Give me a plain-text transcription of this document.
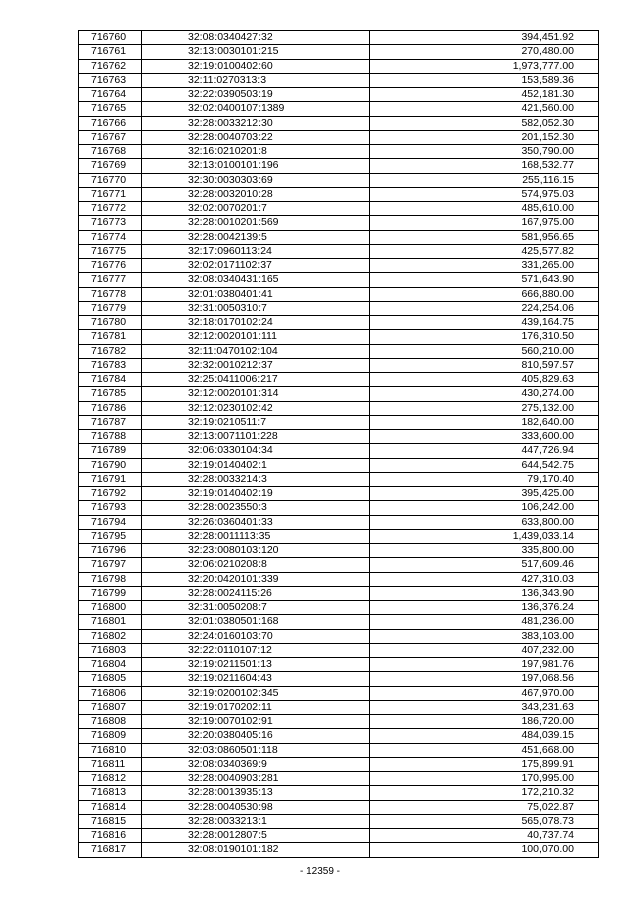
716760	32:08:0340427:32	394,451.92
716761	32:13:0030101:215	270,480.00
716762	32:19:0100402:60	1,973,777.00
716763	32:11:0270313:3	153,589.36
716764	32:22:0390503:19	452,181.30
716765	32:02:0400107:1389	421,560.00
716766	32:28:0033212:30	582,052.30
716767	32:28:0040703:22	201,152.30
716768	32:16:0210201:8	350,790.00
716769	32:13:0100101:196	168,532.77
716770	32:30:0030303:69	255,116.15
716771	32:28:0032010:28	574,975.03
716772	32:02:0070201:7	485,610.00
716773	32:28:0010201:569	167,975.00
716774	32:28:0042139:5	581,956.65
716775	32:17:0960113:24	425,577.82
716776	32:02:0171102:37	331,265.00
716777	32:08:0340431:165	571,643.90
716778	32:01:0380401:41	666,880.00
716779	32:31:0050310:7	224,254.06
716780	32:18:0170102:24	439,164.75
716781	32:12:0020101:111	176,310.50
716782	32:11:0470102:104	560,210.00
716783	32:32:0010212:37	810,597.57
716784	32:25:0411006:217	405,829.63
716785	32:12:0020101:314	430,274.00
716786	32:12:0230102:42	275,132.00
716787	32:19:0210511:7	182,640.00
716788	32:13:0071101:228	333,600.00
716789	32:06:0330104:34	447,726.94
716790	32:19:0140402:1	644,542.75
716791	32:28:0033214:3	79,170.40
716792	32:19:0140402:19	395,425.00
716793	32:28:0023550:3	106,242.00
716794	32:26:0360401:33	633,800.00
716795	32:28:0011113:35	1,439,033.14
716796	32:23:0080103:120	335,800.00
716797	32:06:0210208:8	517,609.46
716798	32:20:0420101:339	427,310.03
716799	32:28:0024115:26	136,343.90
716800	32:31:0050208:7	136,376.24
716801	32:01:0380501:168	481,236.00
716802	32:24:0160103:70	383,103.00
716803	32:22:0110107:12	407,232.00
716804	32:19:0211501:13	197,981.76
716805	32:19:0211604:43	197,068.56
716806	32:19:0200102:345	467,970.00
716807	32:19:0170202:11	343,231.63
716808	32:19:0070102:91	186,720.00
716809	32:20:0380405:16	484,039.15
716810	32:03:0860501:118	451,668.00
716811	32:08:0340369:9	175,899.91
716812	32:28:0040903:281	170,995.00
716813	32:28:0013935:13	172,210.32
716814	32:28:0040530:98	75,022.87
716815	32:28:0033213:1	565,078.73
716816	32:28:0012807:5	40,737.74
716817	32:08:0190101:182	100,070.00
- 12359 -
